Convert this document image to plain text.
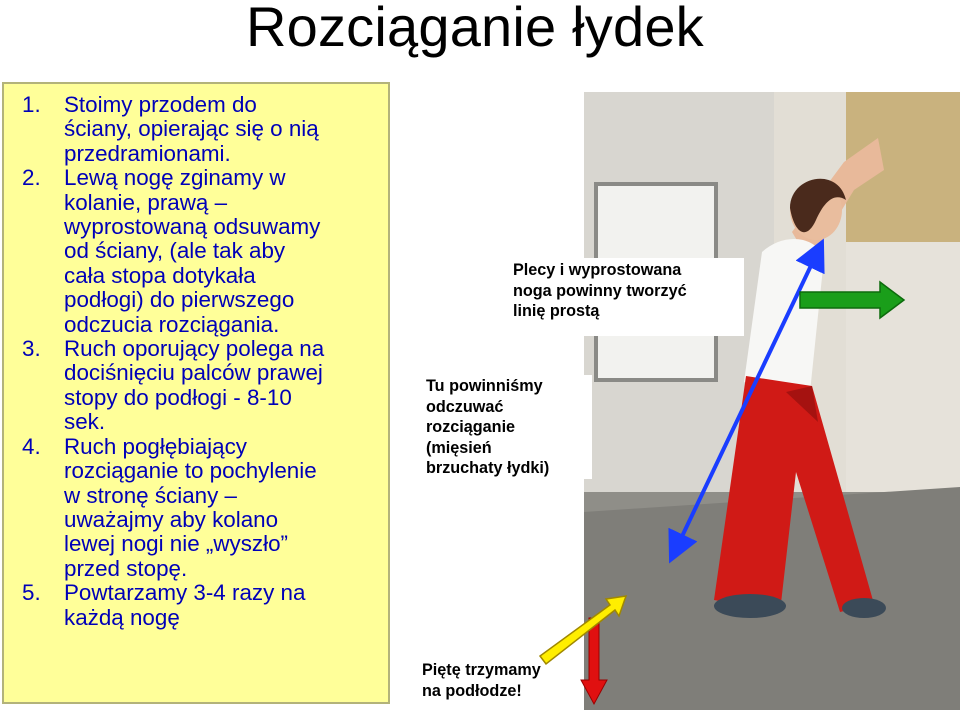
Rozciąganie łydek
1. Stoimy przodem do
ściany, opierając się o nią
przedramionami.
2. Lewą nogę zginamy w
kolanie, prawą –
wyprostowaną odsuwamy
od ściany, (ale tak aby
cała stopa dotykała
podłogi) do pierwszego
odczucia rozciągania.
3. Ruch oporujący polega na
dociśnięciu palców prawej
stopy do podłogi - 8-10
sek.
4. Ruch pogłębiający
rozciąganie to pochylenie
w stronę ściany –
uważajmy aby kolano
lewej nogi nie „wyszło”
przed stopę.
5. Powtarzamy 3-4 razy na
każdą nogę
Plecy i wyprostowana
noga powinny tworzyć
linię prostą
Tu powinniśmy
odczuwać
rozciąganie (mięsień
brzuchaty łydki)
Piętę trzymamy
na podłodze!
